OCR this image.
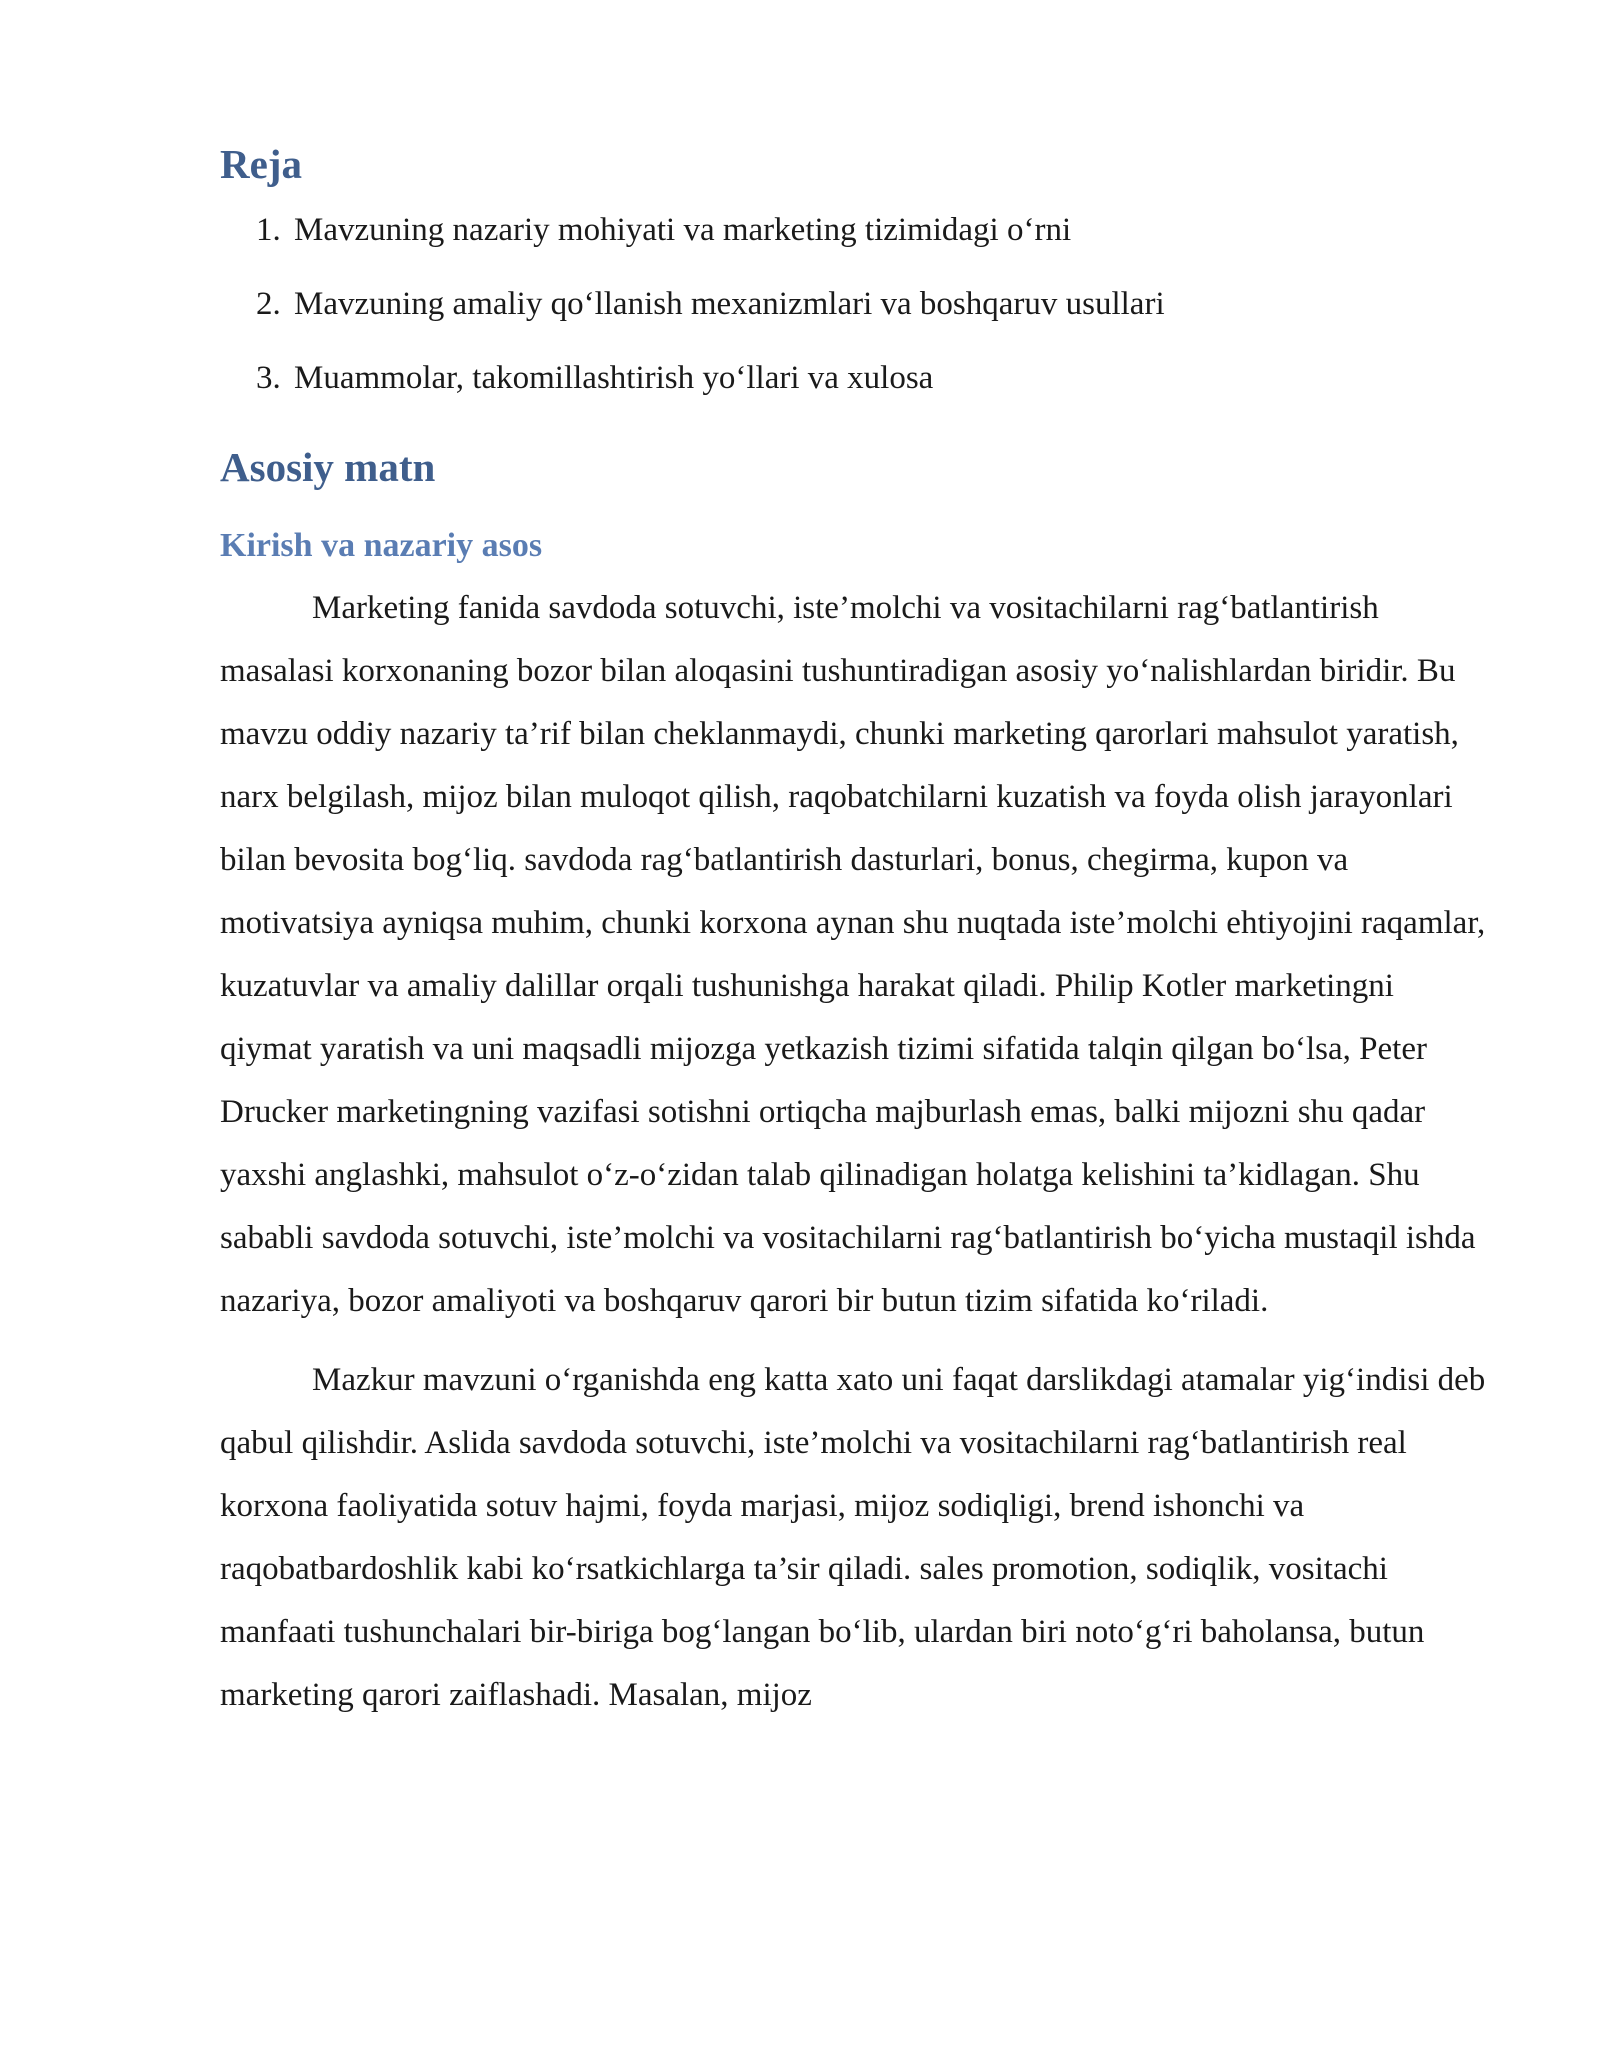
Reja
1. Mavzuning nazariy mohiyati va marketing tizimidagi o‘rni
2. Mavzuning amaliy qo‘llanish mexanizmlari va boshqaruv usullari
3. Muammolar, takomillashtirish yo‘llari va xulosa
Asosiy matn
Kirish va nazariy asos

Marketing fanida savdoda sotuvchi, iste’molchi va vositachilarni rag‘batlantirish masalasi korxonaning bozor bilan aloqasini tushuntiradigan asosiy yo‘nalishlardan biridir. Bu mavzu oddiy nazariy ta’rif bilan cheklanmaydi, chunki marketing qarorlari mahsulot yaratish, narx belgilash, mijoz bilan muloqot qilish, raqobatchilarni kuzatish va foyda olish jarayonlari bilan bevosita bog‘liq. savdoda rag‘batlantirish dasturlari, bonus, chegirma, kupon va motivatsiya ayniqsa muhim, chunki korxona aynan shu nuqtada iste’molchi ehtiyojini raqamlar, kuzatuvlar va amaliy dalillar orqali tushunishga harakat qiladi. Philip Kotler marketingni qiymat yaratish va uni maqsadli mijozga yetkazish tizimi sifatida talqin qilgan bo‘lsa, Peter Drucker marketingning vazifasi sotishni ortiqcha majburlash emas, balki mijozni shu qadar yaxshi anglashki, mahsulot o‘z-o‘zidan talab qilinadigan holatga kelishini ta’kidlagan. Shu sababli savdoda sotuvchi, iste’molchi va vositachilarni rag‘batlantirish bo‘yicha mustaqil ishda nazariya, bozor amaliyoti va boshqaruv qarori bir butun tizim sifatida ko‘riladi.

Mazkur mavzuni o‘rganishda eng katta xato uni faqat darslikdagi atamalar yig‘indisi deb qabul qilishdir. Aslida savdoda sotuvchi, iste’molchi va vositachilarni rag‘batlantirish real korxona faoliyatida sotuv hajmi, foyda marjasi, mijoz sodiqligi, brend ishonchi va raqobatbardoshlik kabi ko‘rsatkichlarga ta’sir qiladi. sales promotion, sodiqlik, vositachi manfaati tushunchalari bir-biriga bog‘langan bo‘lib, ulardan biri noto‘g‘ri baholansa, butun marketing qarori zaiflashadi. Masalan, mijoz
